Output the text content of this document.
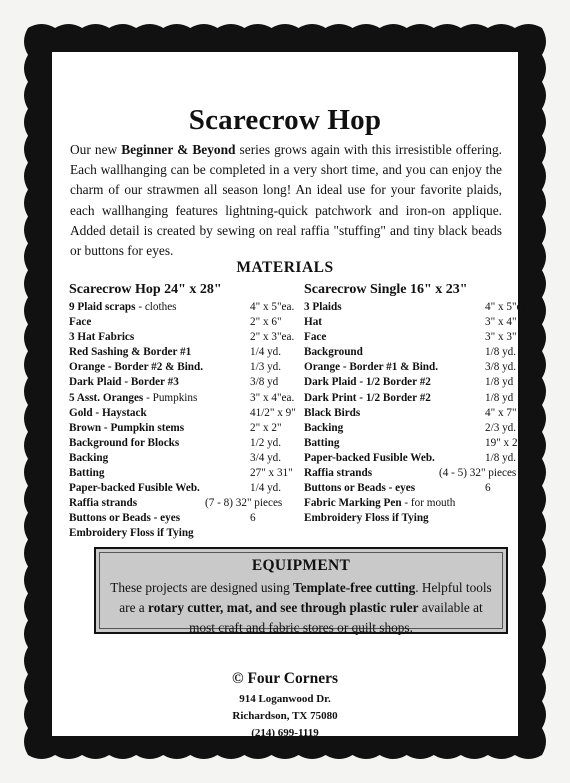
Scarecrow Hop
Our new Beginner & Beyond series grows again with this irresistible offering. Each wallhanging can be completed in a very short time, and you can enjoy the charm of our strawmen all season long! An ideal use for your favorite plaids, each wallhanging features lightning-quick patchwork and iron-on applique. Added detail is created by sewing on real raffia "stuffing" and tiny black beads or buttons for eyes.
MATERIALS
Scarecrow Hop 24" x 28"
9 Plaid scraps - clothes	4" x 5"ea.
Face	2" x 6"
3 Hat Fabrics	2" x 3"ea.
Red Sashing & Border #1	1/4 yd.
Orange - Border #2 & Bind.	1/3 yd.
Dark Plaid - Border #3	3/8 yd
5 Asst. Oranges - Pumpkins	3" x 4"ea.
Gold - Haystack	41/2" x 9"
Brown - Pumpkin stems	2" x 2"
Background for Blocks	1/2 yd.
Backing	3/4 yd.
Batting	27" x 31"
Paper-backed Fusible Web.	1/4 yd.
Raffia strands	(7 - 8) 32" pieces
Buttons or Beads - eyes	6
Embroidery Floss if Tying
Scarecrow Single 16" x 23"
3 Plaids	4" x 5"ea.
Hat	3" x 4"
Face	3" x 3"
Background	1/8 yd.
Orange - Border #1 & Bind.	3/8 yd.
Dark Plaid - 1/2 Border #2	1/8 yd
Dark Print - 1/2 Border #2	1/8 yd
Black Birds	4" x 7"
Backing	2/3 yd.
Batting	19" x 26"
Paper-backed Fusible Web.	1/8 yd.
Raffia strands	(4 - 5) 32" pieces
Buttons or Beads - eyes	6
Fabric Marking Pen - for mouth
Embroidery Floss if Tying
EQUIPMENT
These projects are designed using Template-free cutting. Helpful tools are a rotary cutter, mat, and see through plastic ruler available at most craft and fabric stores or quilt shops.
© Four Corners
914 Loganwood Dr.
Richardson, TX 75080
(214) 699-1119
